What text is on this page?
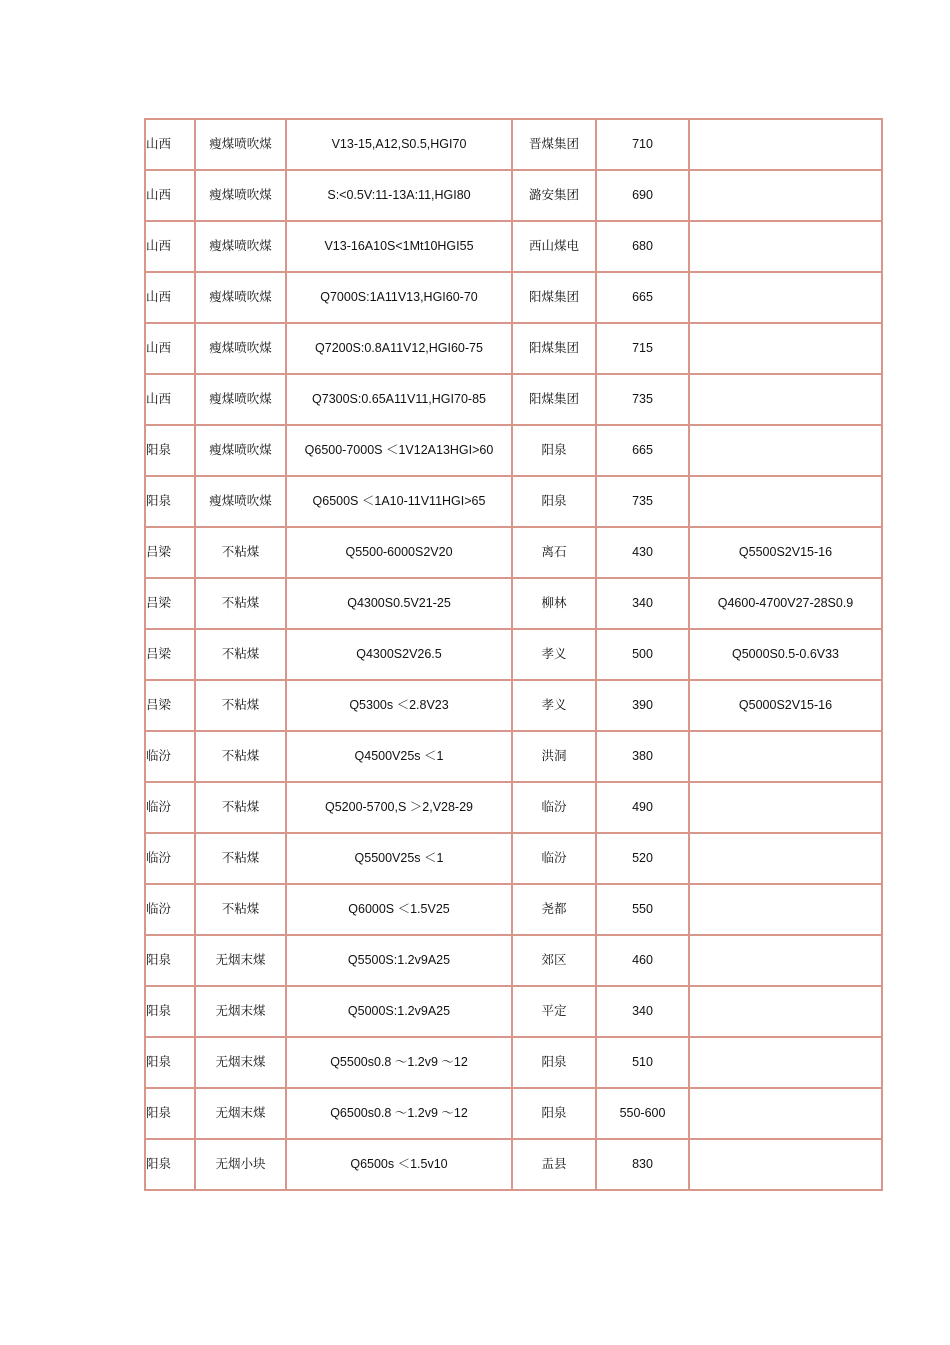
山西	瘦煤喷吹煤	V13-15,A12,S0.5,HGI70	晋煤集团	710	
山西	瘦煤喷吹煤	S:<0.5V:11-13A:11,HGI80	潞安集团	690	
山西	瘦煤喷吹煤	V13-16A10S<1Mt10HGI55	西山煤电	680	
山西	瘦煤喷吹煤	Q7000S:1A11V13,HGI60-70	阳煤集团	665	
山西	瘦煤喷吹煤	Q7200S:0.8A11V12,HGI60-75	阳煤集团	715	
山西	瘦煤喷吹煤	Q7300S:0.65A11V11,HGI70-85	阳煤集团	735	
阳泉	瘦煤喷吹煤	Q6500-7000S ＜1V12A13HGI>60	阳泉	665	
阳泉	瘦煤喷吹煤	Q6500S ＜1A10-11V11HGI>65	阳泉	735	
吕梁	不粘煤	Q5500-6000S2V20	离石	430	Q5500S2V15-16
吕梁	不粘煤	Q4300S0.5V21-25	柳林	340	Q4600-4700V27-28S0.9
吕梁	不粘煤	Q4300S2V26.5	孝义	500	Q5000S0.5-0.6V33
吕梁	不粘煤	Q5300s ＜2.8V23	孝义	390	Q5000S2V15-16
临汾	不粘煤	Q4500V25s ＜1	洪洞	380	
临汾	不粘煤	Q5200-5700,S ＞2,V28-29	临汾	490	
临汾	不粘煤	Q5500V25s ＜1	临汾	520	
临汾	不粘煤	Q6000S ＜1.5V25	尧都	550	
阳泉	无烟末煤	Q5500S:1.2v9A25	郊区	460	
阳泉	无烟末煤	Q5000S:1.2v9A25	平定	340	
阳泉	无烟末煤	Q5500s0.8 ～1.2v9 ～12	阳泉	510	
阳泉	无烟末煤	Q6500s0.8 ～1.2v9 ～12	阳泉	550-600	
阳泉	无烟小块	Q6500s ＜1.5v10	盂县	830	
